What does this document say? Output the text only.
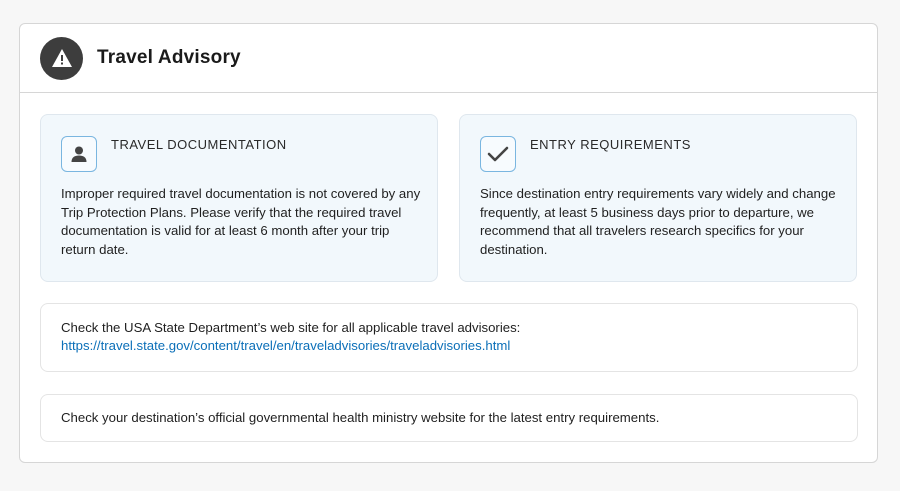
Travel Advisory
TRAVEL DOCUMENTATION
Improper required travel documentation is not covered by any Trip Protection Plans. Please verify that the required travel documentation is valid for at least 6 month after your trip return date.
ENTRY REQUIREMENTS
Since destination entry requirements vary widely and change frequently, at least 5 business days prior to departure, we recommend that all travelers research specifics for your destination.
Check the USA State Department’s web site for all applicable travel advisories:
https://travel.state.gov/content/travel/en/traveladvisories/traveladvisories.html
Check your destination’s official governmental health ministry website for the latest entry requirements.
